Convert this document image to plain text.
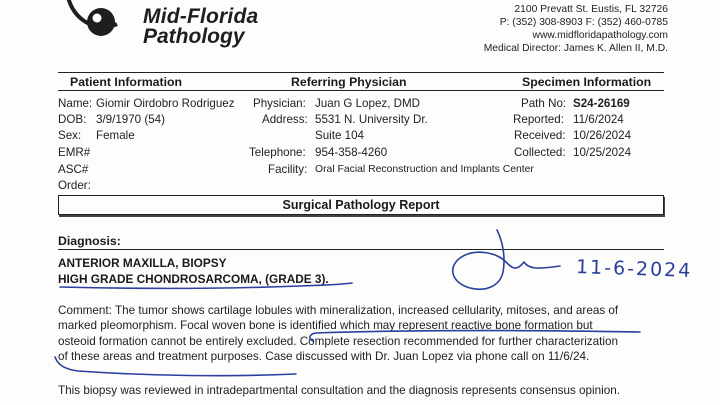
Mid-Florida
Pathology
2100 Prevatt St. Eustis, FL 32726
P: (352) 308-8903 F: (352) 460-0785
www.midfloridapathology.com
Medical Director: James K. Allen II, M.D.
Patient Information	Referring Physician	Specimen Information
Name: Giomir Oirdobro Rodriguez
DOB: 3/9/1970 (54)
Sex: Female
EMR#
ASC#
Order:
Physician: Juan G Lopez, DMD
Address: 5531 N. University Dr.
Suite 104
Telephone: 954-358-4260
Facility: Oral Facial Reconstruction and Implants Center
Path No: S24-26169
Reported: 11/6/2024
Received: 10/26/2024
Collected: 10/25/2024
Surgical Pathology Report
Diagnosis:
ANTERIOR MAXILLA, BIOPSY
HIGH GRADE CHONDROSARCOMA, (GRADE 3).

Comment: The tumor shows cartilage lobules with mineralization, increased cellularity, mitoses, and areas of

marked pleomorphism. Focal woven bone is identified which may represent reactive bone formation but

osteoid formation cannot be entirely excluded. Complete resection recommended for further characterization

of these areas and treatment purposes. Case discussed with Dr. Juan Lopez via phone call on 11/6/24.

This biopsy was reviewed in intradepartmental consultation and the diagnosis represents consensus opinion.
11-6-2024
